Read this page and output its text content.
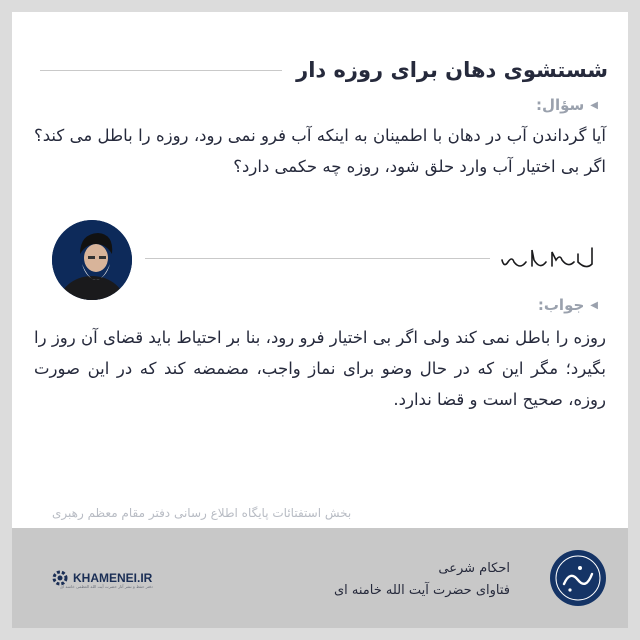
شستشوی دهان برای روزه دار
◀
سؤال:
آیا گرداندن آب در دهان با اطمینان به اینکه آب فرو نمی رود، روزه را باطل می کند؟ اگر بی اختیار آب وارد حلق شود، روزه چه حکمی دارد؟
◀
جواب:
روزه را باطل نمی کند ولی اگر بی اختیار فرو رود، بنا بر احتیاط باید قضای آن روز را بگیرد؛ مگر این که در حال وضو برای نماز واجب، مضمضه کند که در این صورت روزه، صحیح است و قضا ندارد.
بخش استفتائات پایگاه اطلاع رسانی دفتر مقام معظم رهبری
احکام شرعی
فتاوای حضرت آیت الله خامنه ای
KHAMENEI.IR
دفتر حفظ و نشر آثار حضرت آیت الله العظمی خامنه ای
